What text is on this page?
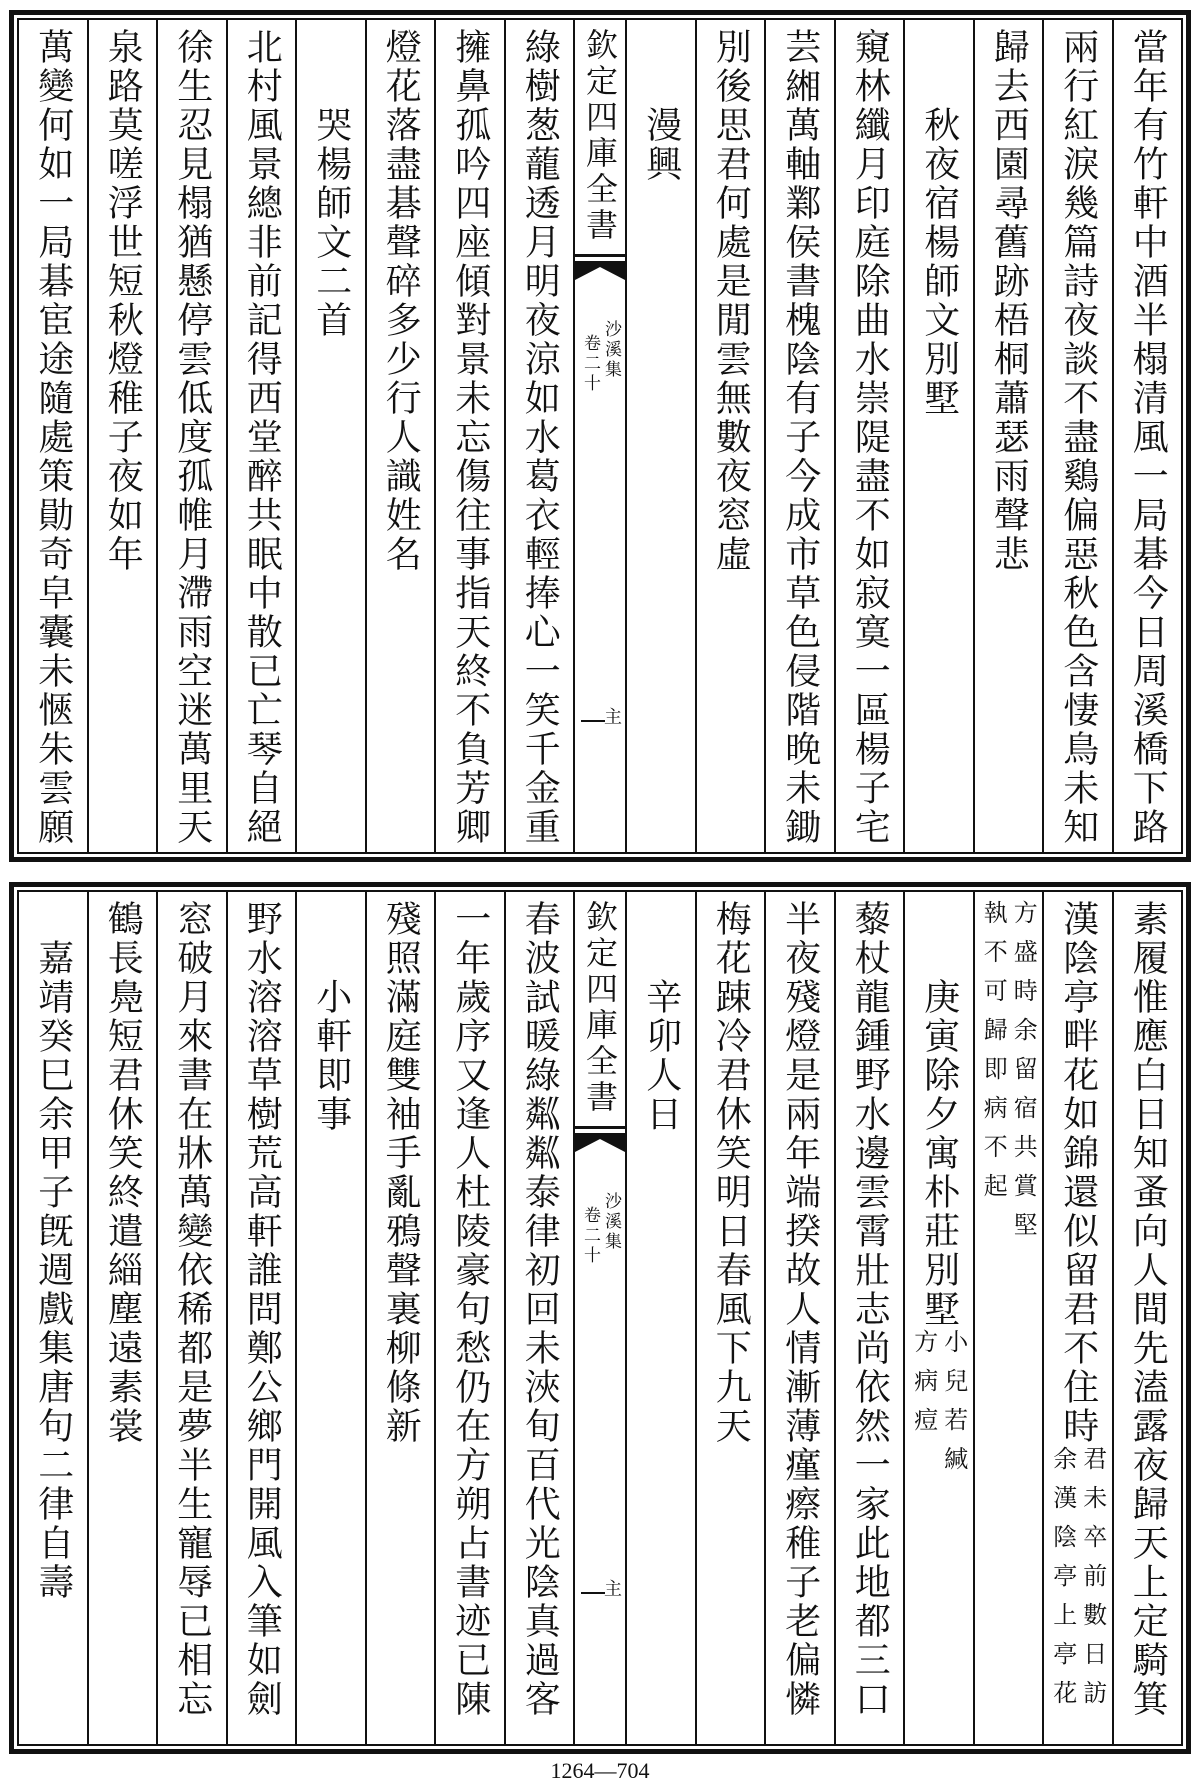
當年有竹軒中酒半榻清風一局碁今日周溪橋下路
兩行紅淚幾篇詩夜談不盡鷄偏惡秋色含悽鳥未知
歸去西園尋舊跡梧桐蕭瑟雨聲悲
秋夜宿楊師文別墅
窺林纖月印庭除曲水崇隄盡不如寂寞一區楊子宅
芸緗萬軸鄴侯書槐陰有子今成市草色侵階晚未鋤
別後思君何處是閒雲無數夜窓虛
漫興
欽定四庫全書
沙溪集
卷二十
主
綠樹葱蘢透月明夜涼如水葛衣輕捧心一笑千金重
擁鼻孤吟四座傾對景未忘傷往事指天終不負芳卿
燈花落盡碁聲碎多少行人識姓名
哭楊師文二首
北村風景總非前記得西堂醉共眠中散已亡琴自絕
徐生忍見榻猶懸停雲低度孤帷月滯雨空迷萬里天
泉路莫嗟浮世短秋燈稚子夜如年
萬變何如一局碁宦途隨處策勛奇皁囊未愜朱雲願
素履惟應白日知蚤向人間先溘露夜歸天上定騎箕
漢陰亭畔花如錦還似留君不住時
君未卒前數日訪
余漢陰亭上亭花
方盛時余留宿共賞堅
執不可歸即病不起
庚寅除夕寓朴莊別墅
小兒若緘
方病痘
藜杖龍鍾野水邊雲霄壯志尚依然一家此地都三口
半夜殘燈是兩年端揆故人情漸薄瘽瘵稚子老偏憐
梅花踈冷君休笑明日春風下九天
辛卯人日
欽定四庫全書
沙溪集
卷二十
主
春波試暖綠粼粼泰律初回未浹旬百代光陰真過客
一年歲序又逢人杜陵豪句愁仍在方朔占書迹已陳
殘照滿庭雙袖手亂鴉聲裏柳條新
小軒即事
野水溶溶草樹荒高軒誰問鄭公鄉門開風入筆如劍
窓破月來書在牀萬變依稀都是夢半生寵辱已相忘
鶴長鳧短君休笑終遣緇塵遠素裳
嘉靖癸巳余甲子旣週戲集唐句二律自壽
1264—704
